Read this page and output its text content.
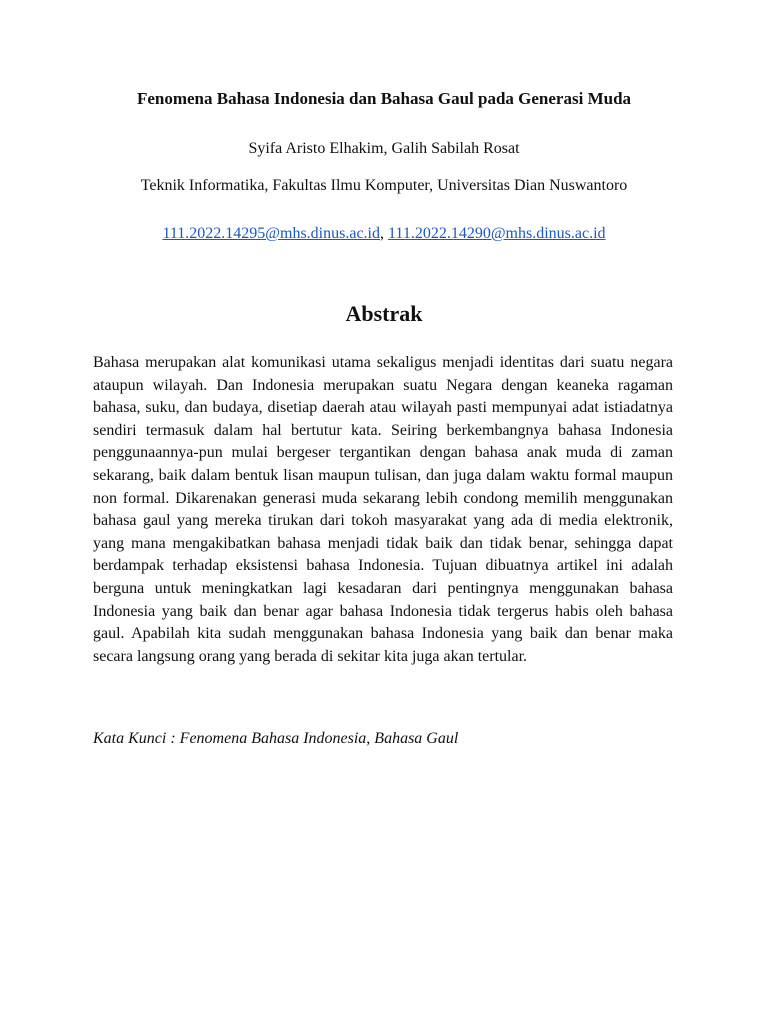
Fenomena Bahasa Indonesia dan Bahasa Gaul pada Generasi Muda
Syifa Aristo Elhakim, Galih Sabilah Rosat
Teknik Informatika, Fakultas Ilmu Komputer, Universitas Dian Nuswantoro
111.2022.14295@mhs.dinus.ac.id, 111.2022.14290@mhs.dinus.ac.id
Abstrak

Bahasa merupakan alat komunikasi utama sekaligus menjadi identitas dari suatu negara ataupun wilayah. Dan Indonesia merupakan suatu Negara dengan keaneka ragaman bahasa, suku, dan budaya, disetiap daerah atau wilayah pasti mempunyai adat istiadatnya sendiri termasuk dalam hal bertutur kata. Seiring berkembangnya bahasa Indonesia penggunaannya-pun mulai bergeser tergantikan dengan bahasa anak muda di zaman sekarang, baik dalam bentuk lisan maupun tulisan, dan juga dalam waktu formal maupun non formal. Dikarenakan generasi muda sekarang lebih condong memilih menggunakan bahasa gaul yang mereka tirukan dari tokoh masyarakat yang ada di media elektronik, yang mana mengakibatkan bahasa menjadi tidak baik dan tidak benar, sehingga dapat berdampak terhadap eksistensi bahasa Indonesia. Tujuan dibuatnya artikel ini adalah berguna untuk meningkatkan lagi kesadaran dari pentingnya menggunakan bahasa Indonesia yang baik dan benar agar bahasa Indonesia tidak tergerus habis oleh bahasa gaul. Apabilah kita sudah menggunakan bahasa Indonesia yang baik dan benar maka secara langsung orang yang berada di sekitar kita juga akan tertular.

Kata Kunci : Fenomena Bahasa Indonesia, Bahasa Gaul
